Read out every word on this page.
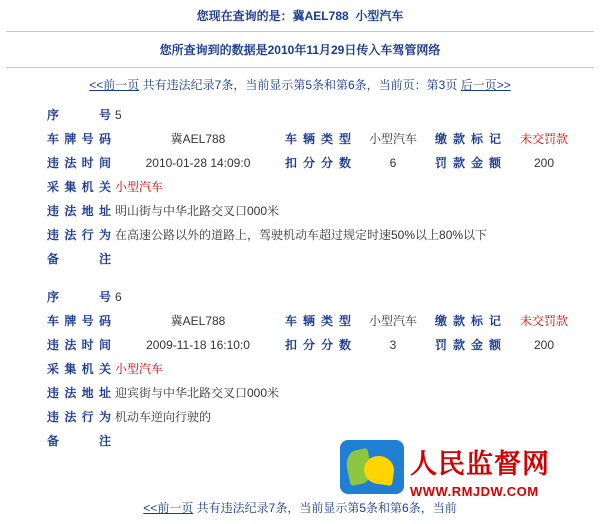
您现在查询的是：冀AEL788 小型汽车
您所查询到的数据是2010年11月29日传入车驾管网络
<<前一页 共有违法纪录7条，当前显示第5条和第6条，当前页：第3页 后一页>>
序　号	5				
车牌号码	冀AEL788	车辆类型	小型汽车	缴款标记	未交罚款
违法时间	2010-01-28 14:09:0	扣分分数	6	罚款金额	200
采集机关	小型汽车				
违法地址	明山街与中华北路交叉口000米				
违法行为	在高速公路以外的道路上，驾驶机动车超过规定时速50%以上80%以下				
备　注					
序　号	6				
车牌号码	冀AEL788	车辆类型	小型汽车	缴款标记	未交罚款
违法时间	2009-11-18 16:10:0	扣分分数	3	罚款金额	200
采集机关	小型汽车				
违法地址	迎宾街与中华北路交叉口000米				
违法行为	机动车逆向行驶的				
备　注					
<<前一页 共有违法纪录7条，当前显示第5条和第6条，当前
人民监督网
WWW.RMJDW.COM
